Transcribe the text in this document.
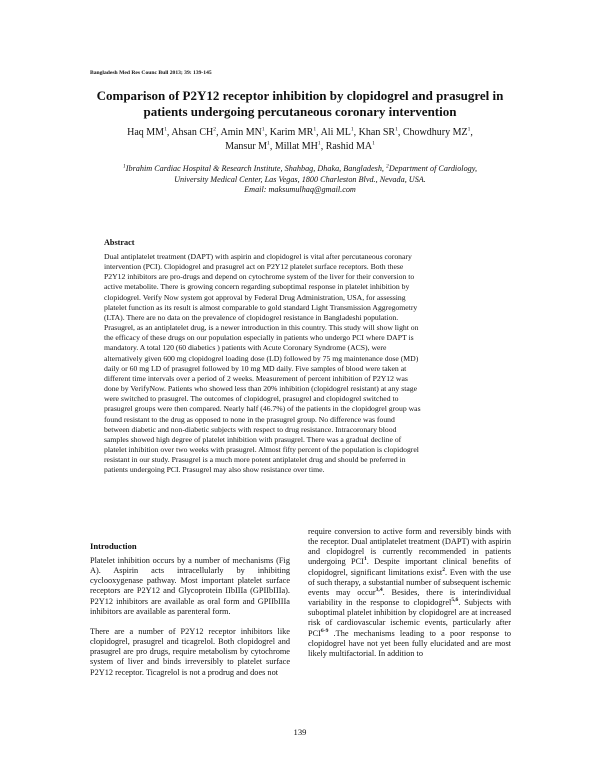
Bangladesh Med Res Counc Bull 2013; 39: 139-145
Comparison of P2Y12 receptor inhibition by clopidogrel and prasugrel in
patients undergoing percutaneous coronary intervention
Haq $MM^1$, Ahsan $CH^2$, Amin $MN^1$, Karim $MR^1$, Ali $ML^1$, Khan $SR^1$, Chowdhury $MZ^1$,
Mansur $M^1$, Millat $MH^1$, Rashid $MA^1$
$^1$Ibrahim Cardiac Hospital & Research Institute, Shahbag, Dhaka, Bangladesh, $^2$Department of Cardiology,
University Medical Center, Las Vegas, 1800 Charleston Blvd., Nevada, USA.
Email: maksumulhaq@gmail.com
Abstract
Dual antiplatelet treatment (DAPT) with aspirin and clopidogrel is vital after percutaneous coronary
intervention (PCI). Clopidogrel and prasugrel act on P2Y12 platelet surface receptors. Both these
P2Y12 inhibitors are pro-drugs and depend on cytochrome system of the liver for their conversion to
active metabolite. There is growing concern regarding suboptimal response in platelet inhibition by
clopidogrel. Verify Now system got approval by Federal Drug Administration, USA, for assessing
platelet function as its result is almost comparable to gold standard Light Transmission Aggregometry
(LTA). There are no data on the prevalence of clopidogrel resistance in Bangladeshi population.
Prasugrel, as an antiplatelet drug, is a newer introduction in this country. This study will show light on
the efficacy of these drugs on our population especially in patients who undergo PCI where DAPT is
mandatory. A total 120 (60 diabetics ) patients with Acute Coronary Syndrome (ACS), were
alternatively given 600 mg clopidogrel loading dose (LD) followed by 75 mg maintenance dose (MD)
daily or 60 mg LD of prasugrel followed by 10 mg MD daily. Five samples of blood were taken at
different time intervals over a period of 2 weeks. Measurement of percent inhibition of P2Y12 was
done by VerifyNow. Patients who showed less than 20% inhibition (clopidogrel resistant) at any stage
were switched to prasugrel. The outcomes of clopidogrel, prasugrel and clopidogrel switched to
prasugrel groups were then compared. Nearly half (46.7%) of the patients in the clopidogrel group was
found resistant to the drug as opposed to none in the prasugrel group. No difference was found
between diabetic and non-diabetic subjects with respect to drug resistance. Intracoronary blood
samples showed high degree of platelet inhibition with prasugrel. There was a gradual decline of
platelet inhibition over two weeks with prasugrel. Almost fifty percent of the population is clopidogrel
resistant in our study. Prasugrel is a much more potent antiplatelet drug and should be preferred in
patients undergoing PCI. Prasugrel may also show resistance over time.
Introduction

Platelet inhibition occurs by a number of mechanisms (Fig A). Aspirin acts intracellularly by inhibiting cyclooxygenase pathway. Most important platelet surface receptors are P2Y12 and Glycoprotein IIbIIIa (GPIIbIIIa). P2Y12 inhibitors are available as oral form and GPIIbIIIa inhibitors are available as parenteral form.

There are a number of P2Y12 receptor inhibitors like clopidogrel, prasugrel and ticagrelol. Both clopidogrel and prasugrel are pro drugs, require metabolism by cytochrome system of liver and binds irreversibly to platelet surface P2Y12 receptor. Ticagrelol is not a prodrug and does not

require conversion to active form and reversibly binds with the receptor. Dual antiplatelet treatment (DAPT) with aspirin and clopidogrel is currently recommended in patients undergoing PCI$^1$. Despite important clinical benefits of clopidogrel, significant limitations exist$^2$. Even with the use of such therapy, a substantial number of subsequent ischemic events may occur$^{3,4}$. Besides, there is interindividual variability in the response to clopidogrel$^{5,6}$. Subjects with suboptimal platelet inhibition by clopidogrel are at increased risk of cardiovascular ischemic events, particularly after PCI$^{6-9}$ .The mechanisms leading to a poor response to clopidogrel have not yet been fully elucidated and are most likely multifactorial. In addition to

139
